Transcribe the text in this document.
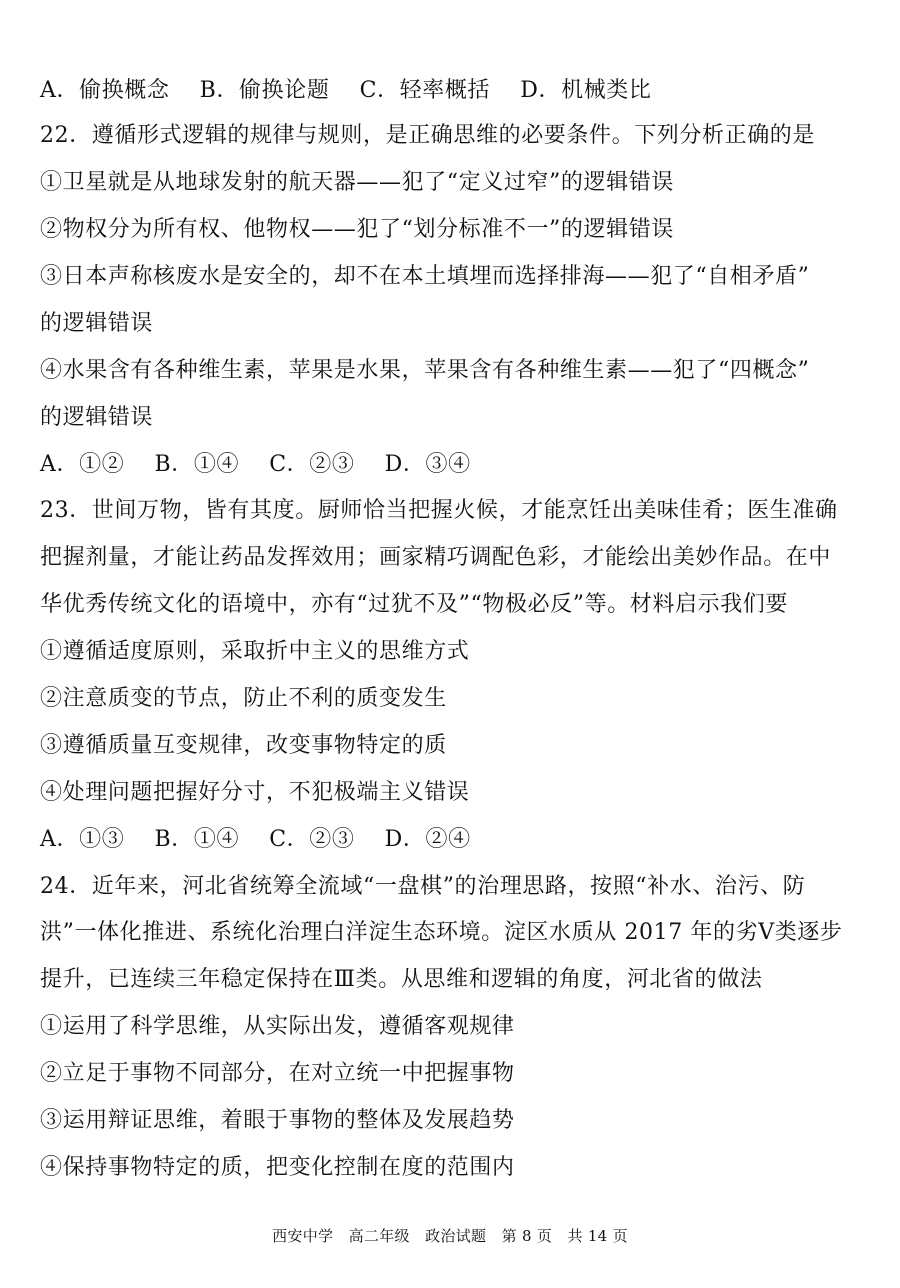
A．偷换概念　 B．偷换论题　 C．轻率概括　 D．机械类比
22．遵循形式逻辑的规律与规则，是正确思维的必要条件。下列分析正确的是
①卫星就是从地球发射的航天器——犯了“定义过窄”的逻辑错误
②物权分为所有权、他物权——犯了“划分标准不一”的逻辑错误
③日本声称核废水是安全的，却不在本土填埋而选择排海——犯了“自相矛盾”
的逻辑错误
④水果含有各种维生素，苹果是水果，苹果含有各种维生素——犯了“四概念”
的逻辑错误
A．①②　 B．①④　 C．②③　 D．③④
23．世间万物，皆有其度。厨师恰当把握火候，才能烹饪出美味佳肴；医生准确
把握剂量，才能让药品发挥效用；画家精巧调配色彩，才能绘出美妙作品。在中
华优秀传统文化的语境中，亦有“过犹不及”“物极必反”等。材料启示我们要
①遵循适度原则，采取折中主义的思维方式
②注意质变的节点，防止不利的质变发生
③遵循质量互变规律，改变事物特定的质
④处理问题把握好分寸，不犯极端主义错误
A．①③　 B．①④　 C．②③　 D．②④
24．近年来，河北省统筹全流域“一盘棋”的治理思路，按照“补水、治污、防
洪”一体化推进、系统化治理白洋淀生态环境。淀区水质从 2017 年的劣Ⅴ类逐步
提升，已连续三年稳定保持在Ⅲ类。从思维和逻辑的角度，河北省的做法
①运用了科学思维，从实际出发，遵循客观规律
②立足于事物不同部分，在对立统一中把握事物
③运用辩证思维，着眼于事物的整体及发展趋势
④保持事物特定的质，把变化控制在度的范围内
西安中学　高二年级　政治试题　第 8 页　共 14 页
